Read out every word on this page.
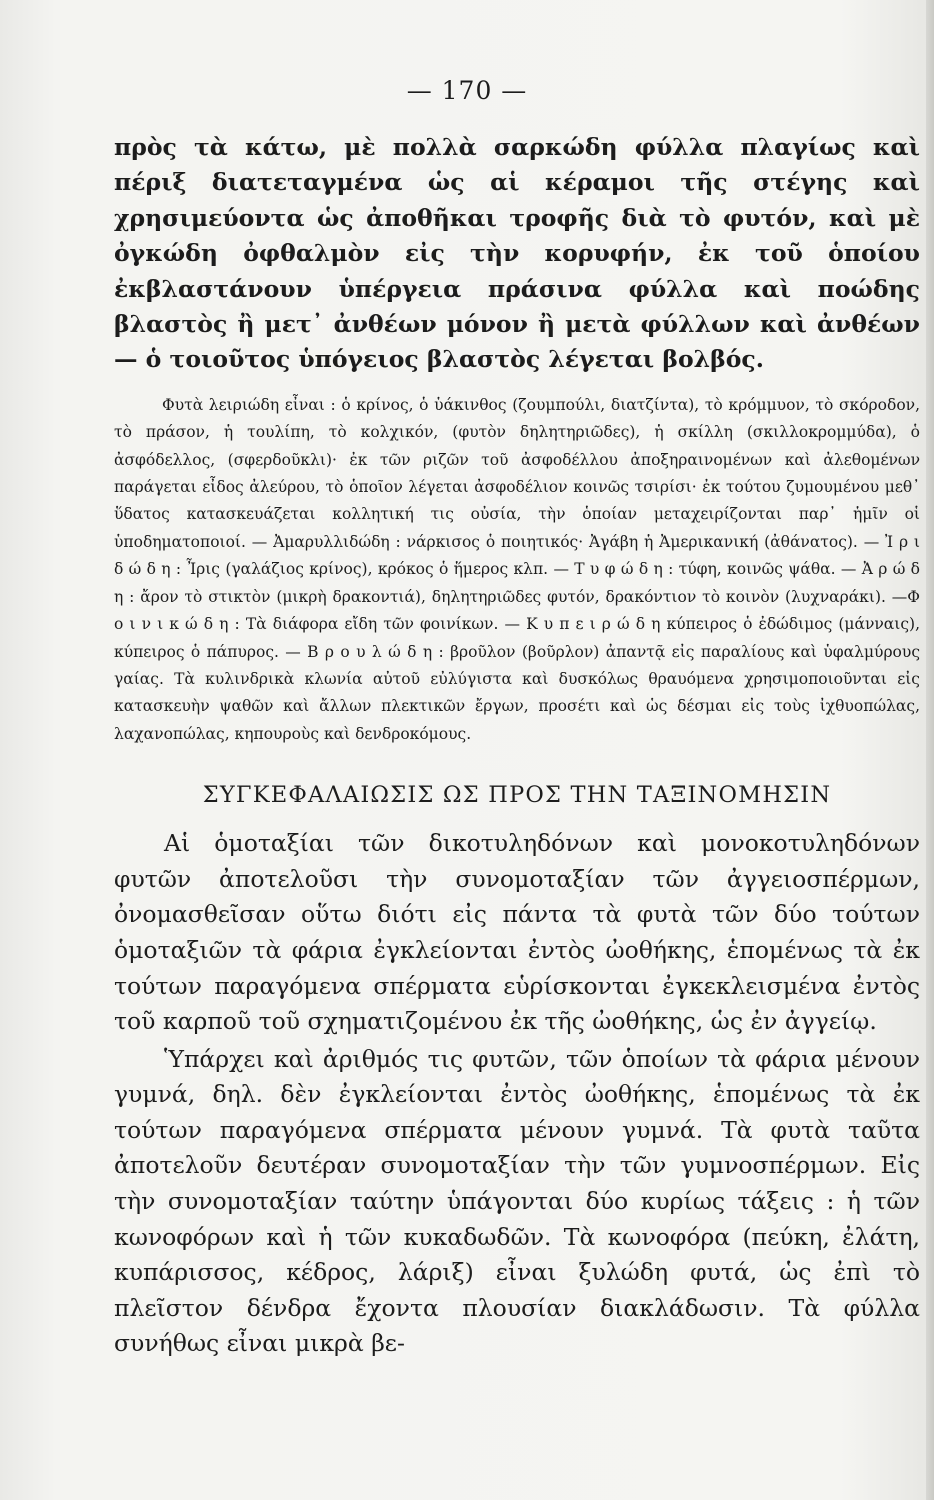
— 170 —

πρὸς τὰ κάτω, μὲ πολλὰ σαρκώδη φύλλα πλαγίως καὶ πέριξ διατεταγμένα ὡς αἱ κέραμοι τῆς στέγης καὶ χρησιμεύοντα ὡς ἀποθῆκαι τροφῆς διὰ τὸ φυτόν, καὶ μὲ ὀγκώδη ὀφθαλμὸν εἰς τὴν κορυφήν, ἐκ τοῦ ὁποίου ἐκβλαστάνουν ὑπέργεια πράσινα φύλλα καὶ ποώδης βλαστὸς ἢ μετ᾽ ἀνθέων μόνον ἢ μετὰ φύλλων καὶ ἀνθέων— ὁ τοιοῦτος ὑπόγειος βλαστὸς λέγεται βολβός.

Φυτὰ λειριώδη εἶναι : ὁ κρίνος, ὁ ὑάκινθος (ζουμπούλι, διατζίντα), τὸ κρόμμυον, τὸ σκόροδον, τὸ πράσον, ἡ τουλίπη, τὸ κολχικόν, (φυτὸν δηλητηριῶδες), ἡ σκίλλη (σκιλλοκρομμύδα), ὁ ἀσφόδελλος, (σφερδοῦκλι)· ἐκ τῶν ριζῶν τοῦ ἀσφοδέλλου ἀποξηραινομένων καὶ ἀλεθομένων παράγεται εἶδος ἀλεύρου, τὸ ὁποῖον λέγεται ἀσφοδέλιον κοινῶς τσιρίσι· ἐκ τούτου ζυμουμένου μεθ᾽ ὕδατος κατασκευάζεται κολλητική τις οὐσία, τὴν ὁποίαν μεταχειρίζονται παρ᾽ ἡμῖν οἱ ὑποδηματοποιοί. — Ἀμαρυλλιδώδη : νάρκισος ὁ ποιητικός· Ἀγάβη ἡ Ἀμερικανική (ἀθάνατος). — Ἰ ρ ι δ ώ δ η : Ἶρις (γαλάζιος κρίνος), κρόκος ὁ ἥμερος κλπ. — Τ υ φ ώ δ η : τύφη, κοινῶς ψάθα. — Ἀ ρ ώ δ η : ἄρον τὸ στικτὸν (μικρὴ δρακοντιά), δηλητηριῶδες φυτόν, δρακόντιον τὸ κοινὸν (λυχναράκι). —Φ ο ι ν ι κ ώ δ η : Τὰ διάφορα εἴδη τῶν φοινίκων. — Κ υ π ε ι ρ ώ δ η κύπειρος ὁ ἐδώδιμος (μάνναις), κύπειρος ὁ πάπυρος. — Β ρ ο υ λ ώ δ η : βροῦλον (βοῦρλον) ἀπαντᾷ εἰς παραλίους καὶ ὑφαλμύρους γαίας. Τὰ κυλινδρικὰ κλωνία αὐτοῦ εὐλύγιστα καὶ δυσκόλως θραυόμενα χρησιμοποιοῦνται εἰς κατασκευὴν ψαθῶν καὶ ἄλλων πλεκτικῶν ἔργων, προσέτι καὶ ὡς δέσμαι εἰς τοὺς ἰχθυοπώλας, λαχανοπώλας, κηπουροὺς καὶ δενδροκόμους.

ΣΥΓΚΕΦΑΛΑΙΩΣΙΣ ΩΣ ΠΡΟΣ ΤΗΝ ΤΑΞΙΝΟΜΗΣΙΝ

Αἱ ὁμοταξίαι τῶν δικοτυληδόνων καὶ μονοκοτυληδόνων φυτῶν ἀποτελοῦσι τὴν συνομοταξίαν τῶν ἀγγειοσπέρμων, ὀνομασθεῖσαν οὕτω διότι εἰς πάντα τὰ φυτὰ τῶν δύο τούτων ὁμοταξιῶν τὰ φάρια ἐγκλείονται ἐντὸς ὠοθήκης, ἑπομένως τὰ ἐκ τούτων παραγόμενα σπέρματα εὑρίσκονται ἐγκεκλεισμένα ἐντὸς τοῦ καρποῦ τοῦ σχηματιζομένου ἐκ τῆς ὠοθήκης, ὡς ἐν ἀγγείῳ.

Ὑπάρχει καὶ ἀριθμός τις φυτῶν, τῶν ὁποίων τὰ φάρια μένουν γυμνά, δηλ. δὲν ἐγκλείονται ἐντὸς ὠοθήκης, ἑπομένως τὰ ἐκ τούτων παραγόμενα σπέρματα μένουν γυμνά. Τὰ φυτὰ ταῦτα ἀποτελοῦν δευτέραν συνομοταξίαν τὴν τῶν γυμνοσπέρμων. Εἰς τὴν συνομοταξίαν ταύτην ὑπάγονται δύο κυρίως τάξεις : ἡ τῶν κωνοφόρων καὶ ἡ τῶν κυκαδωδῶν. Τὰ κωνοφόρα (πεύκη, ἐλάτη, κυπάρισσος, κέδρος, λάριξ) εἶναι ξυλώδη φυτά, ὡς ἐπὶ τὸ πλεῖστον δένδρα ἔχοντα πλουσίαν διακλάδωσιν. Τὰ φύλλα συνήθως εἶναι μικρὰ βε-
